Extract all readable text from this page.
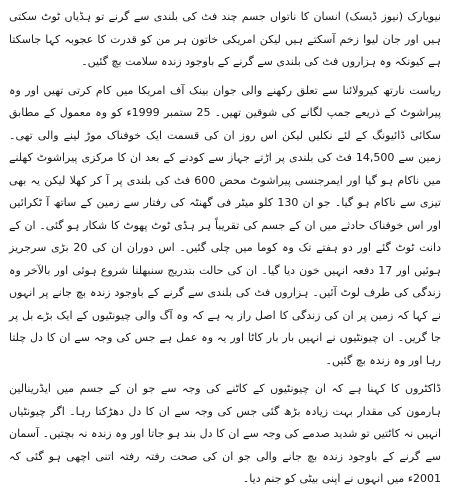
نیویارک (نیوز ڈیسک) انسان کا ناتواں جسم چند فٹ کی بلندی سے گرنے تو ہڈیاں ٹوٹ سکتی ہیں اور جان لیوا زخم آسکتے ہیں لیکن امریکی خاتون ہر من کو قدرت کا عجوبہ کہا جاسکتا ہے کیونکہ وہ ہزاروں فٹ کی بلندی سے گرنے کے باوجود زندہ سلامت بچ گئیں۔

ریاست نارتھ کیرولائنا سے تعلق رکھنے والی جوان بینک آف امریکا میں کام کرتی تھیں اور وہ پیراشوٹ کے ذریعے جمپ لگانے کی شوقین تھیں۔ 25 ستمبر 1999ء کو وہ معمول کے مطابق سکائی ڈائیونگ کے لئے نکلیں لیکن اس روز ان کی قسمت ایک خوفناک موڑ لینے والی تھی۔ زمین سے 14,500 فٹ کی بلندی پر اڑتے جہاز سے کودنے کے بعد ان کا مرکزی پیراشوٹ کھلنے میں ناکام ہو گیا اور ایمرجنسی پیراشوٹ محض 600 فٹ کی بلندی پر آ کر کھلا لیکن یہ بھی تیزی سے ناکام ہو گیا۔ جو ان 130 کلو میٹر فی گھنٹہ کی رفتار سے زمین کے ساتھ آ ٹکرائیں اور اس خوفناک حادثے میں ان کے جسم کی تقریباً ہر ہڈی ٹوٹ پھوٹ کا شکار ہو گئی۔ ان کے دانت ٹوٹ گئے اور دو ہفتے تک وہ کوما میں چلی گئیں۔ اس دوران ان کی 20 بڑی سرجریز ہوئیں اور 17 دفعہ انہیں خون دیا گیا۔ ان کی حالت بتدریج سنبھلنا شروع ہوئی اور بالآخر وہ زندگی کی طرف لوٹ آئیں۔ ہزاروں فٹ کی بلندی سے گرنے کے باوجود زندہ بچ جانے پر انہوں نے کہا کہ زمین پر ان کی زندگی کا اصل راز یہ ہے کہ وہ آگ والی چیونٹیوں کے ایک بڑے بل پر جا گریں۔ ان چیونٹیوں نے انہیں بار بار کاٹا اور یہ وہ عمل ہے جس کی وجہ سے ان کا دل چلتا رہا اور وہ زندہ بچ گئیں۔

ڈاکٹروں کا کہنا ہے کہ ان چیونٹیوں کے کاٹنے کی وجہ سے جو ان کے جسم میں ایڈرینالین ہارمون کی مقدار بہت زیادہ بڑھ گئی جس کی وجہ سے ان کا دل دھڑکتا رہا۔ اگر چیونٹیاں انہیں نہ کاٹتیں تو شدید صدمے کی وجہ سے ان کا دل بند ہو جاتا اور وہ زندہ نہ بچتیں۔ آسمان سے گرنے کے باوجود زندہ بچ جانے والی جو ان کی صحت رفتہ رفتہ اتنی اچھی ہو گئی کہ 2001ء میں انہوں نے اپنی بیٹی کو جنم دیا۔
